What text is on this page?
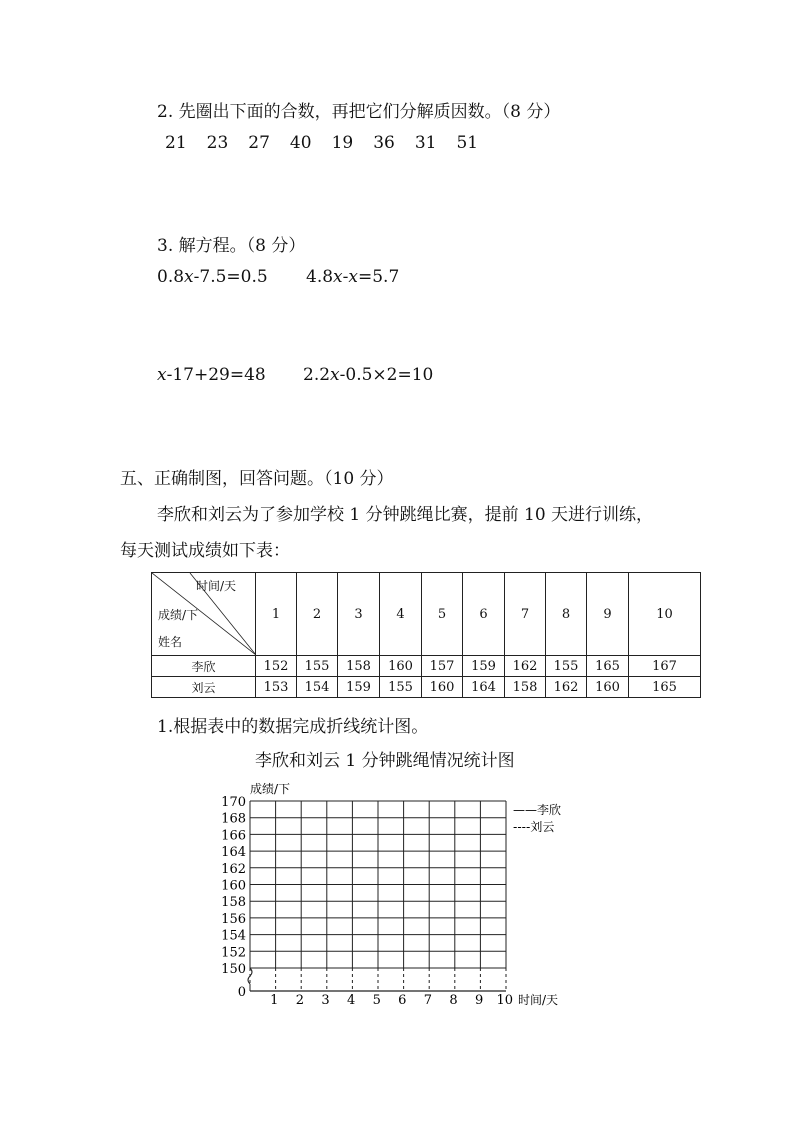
2. 先圈出下面的合数，再把它们分解质因数。（8 分）
21 23 27 40 19 36 31 51
3. 解方程。（8 分）
0.8x-7.5=0.5 4.8x-x=5.7
x-17+29=48 2.2x-0.5×2=10
五、正确制图，回答问题。（10 分）
李欣和刘云为了参加学校 1 分钟跳绳比赛，提前 10 天进行训练，
每天测试成绩如下表：
时间/天
成绩/下
姓名	1	2	3	4	5	6	7	8	9	10
李欣	152	155	158	160	157	159	162	155	165	167
刘云	153	154	159	155	160	164	158	162	160	165
1.根据表中的数据完成折线统计图。
李欣和刘云 1 分钟跳绳情况统计图
170
168
166
164
162
160
158
156
154
152
150
1 2 3 4 5 6 7 8 9 10
成绩/下
时间/天
——李欣
----刘云
0
